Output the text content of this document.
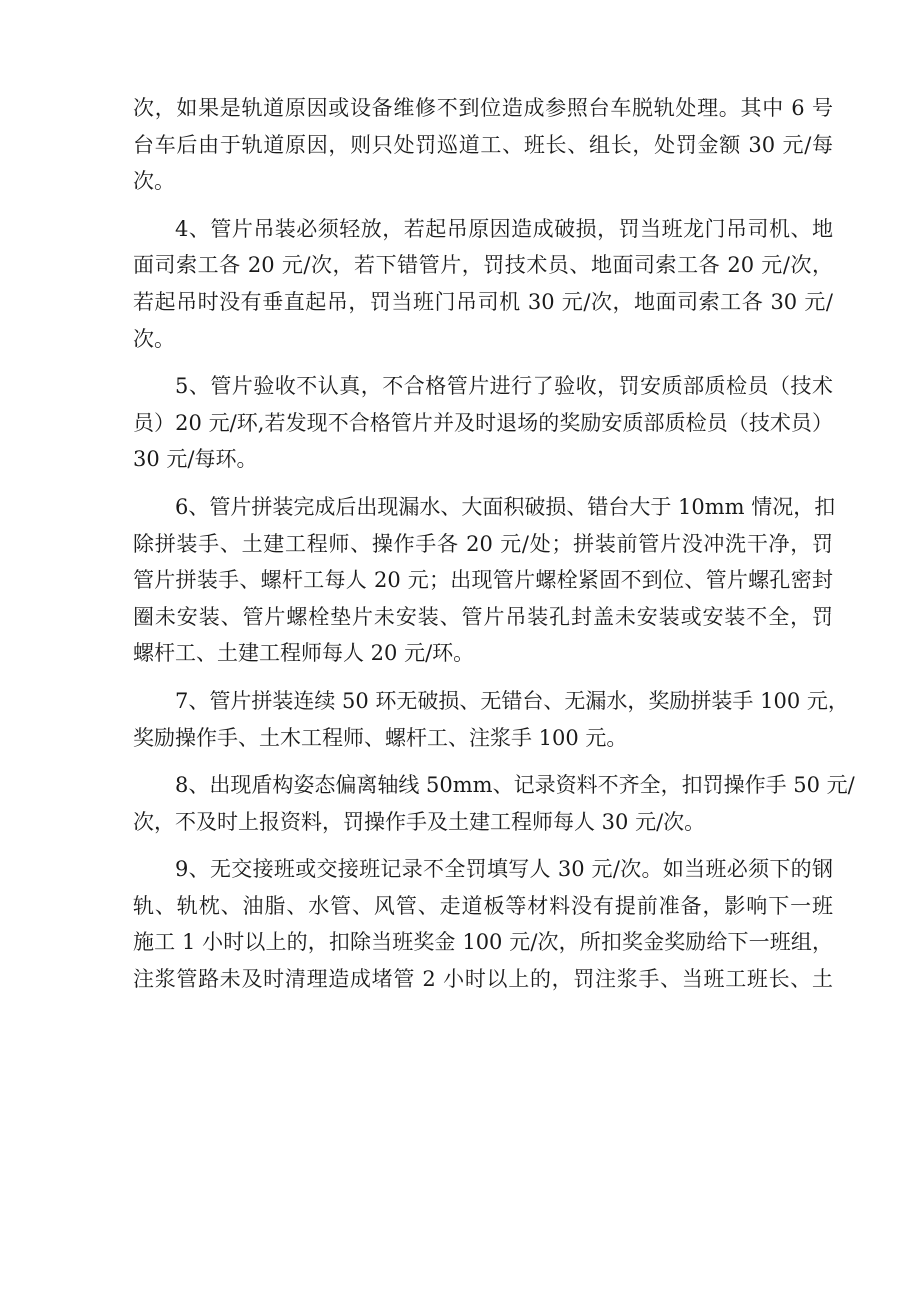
次，如果是轨道原因或设备维修不到位造成参照台车脱轨处理。其中 6 号
台车后由于轨道原因，则只处罚巡道工、班长、组长，处罚金额 30 元/每
次。
4、管片吊装必须轻放，若起吊原因造成破损，罚当班龙门吊司机、地
面司索工各 20 元/次，若下错管片，罚技术员、地面司索工各 20 元/次，
若起吊时没有垂直起吊，罚当班门吊司机 30 元/次，地面司索工各 30 元/
次。
5、管片验收不认真，不合格管片进行了验收，罚安质部质检员（技术
员）20 元/环,若发现不合格管片并及时退场的奖励安质部质检员（技术员）
30 元/每环。
6、管片拼装完成后出现漏水、大面积破损、错台大于 10mm 情况，扣
除拼装手、土建工程师、操作手各 20 元/处；拼装前管片没冲洗干净，罚
管片拼装手、螺杆工每人 20 元；出现管片螺栓紧固不到位、管片螺孔密封
圈未安装、管片螺栓垫片未安装、管片吊装孔封盖未安装或安装不全，罚
螺杆工、土建工程师每人 20 元/环。
7、管片拼装连续 50 环无破损、无错台、无漏水，奖励拼装手 100 元，
奖励操作手、土木工程师、螺杆工、注浆手 100 元。
8、出现盾构姿态偏离轴线 50mm、记录资料不齐全，扣罚操作手 50 元/
次，不及时上报资料，罚操作手及土建工程师每人 30 元/次。
9、无交接班或交接班记录不全罚填写人 30 元/次。如当班必须下的钢
轨、轨枕、油脂、水管、风管、走道板等材料没有提前准备，影响下一班
施工 1 小时以上的，扣除当班奖金 100 元/次，所扣奖金奖励给下一班组，
注浆管路未及时清理造成堵管 2 小时以上的，罚注浆手、当班工班长、土
